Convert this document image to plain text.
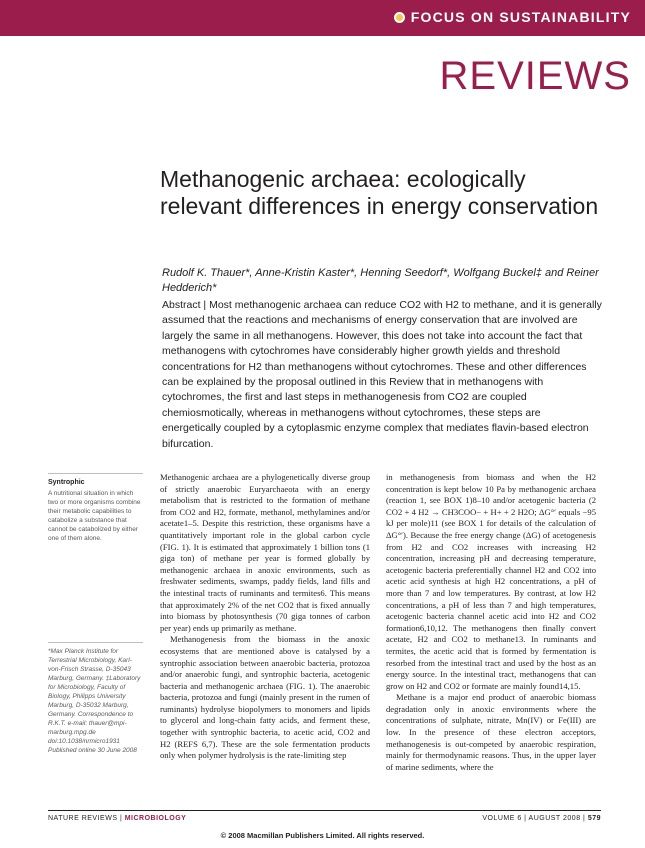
FOCUS ON SUSTAINABILITY
REVIEWS
Methanogenic archaea: ecologically relevant differences in energy conservation
Rudolf K. Thauer*, Anne-Kristin Kaster*, Henning Seedorf*, Wolfgang Buckel‡ and Reiner Hedderich*
Abstract | Most methanogenic archaea can reduce CO2 with H2 to methane, and it is generally assumed that the reactions and mechanisms of energy conservation that are involved are largely the same in all methanogens. However, this does not take into account the fact that methanogens with cytochromes have considerably higher growth yields and threshold concentrations for H2 than methanogens without cytochromes. These and other differences can be explained by the proposal outlined in this Review that in methanogens with cytochromes, the first and last steps in methanogenesis from CO2 are coupled chemiosmotically, whereas in methanogens without cytochromes, these steps are energetically coupled by a cytoplasmic enzyme complex that mediates flavin-based electron bifurcation.
Syntrophic
A nutritional situation in which two or more organisms combine their metabolic capabilities to catabolize a substance that cannot be catabolized by either one of them alone.
*Max Planck Institute for Terrestrial Microbiology, Karl-von-Frisch Strasse, D-35043 Marburg, Germany. ‡Laboratory for Microbiology, Faculty of Biology, Philipps University Marburg, D-35032 Marburg, Germany. Correspondence to R.K.T. e-mail: thauer@mpi-marburg.mpg.de doi:10.1038/nrmicro1931 Published online 30 June 2008

Methanogenic archaea are a phylogenetically diverse group of strictly anaerobic Euryarchaeota with an energy metabolism that is restricted to the formation of methane from CO2 and H2, formate, methanol, methylamines and/or acetate1–5. Despite this restriction, these organisms have a quantitatively important role in the global carbon cycle (FIG. 1). It is estimated that approximately 1 billion tons (1 giga ton) of methane per year is formed globally by methanogenic archaea in anoxic environments, such as freshwater sediments, swamps, paddy fields, land fills and the intestinal tracts of ruminants and termites6. This means that approximately 2% of the net CO2 that is fixed annually into biomass by photosynthesis (70 giga tonnes of carbon per year) ends up primarily as methane.

Methanogenesis from the biomass in the anoxic ecosystems that are mentioned above is catalysed by a syntrophic association between anaerobic bacteria, protozoa and/or anaerobic fungi, and syntrophic bacteria, acetogenic bacteria and methanogenic archaea (FIG. 1). The anaerobic bacteria, protozoa and fungi (mainly present in the rumen of ruminants) hydrolyse biopolymers to monomers and lipids to glycerol and long-chain fatty acids, and ferment these, together with syntrophic bacteria, to acetic acid, CO2 and H2 (REFS 6,7). These are the sole fermentation products only when polymer hydrolysis is the rate-limiting step

in methanogenesis from biomass and when the H2 concentration is kept below 10 Pa by methanogenic archaea (reaction 1, see BOX 1)8–10 and/or acetogenic bacteria (2 CO2 + 4 H2 → CH3COO− + H+ + 2 H2O; ΔG°′ equals −95 kJ per mole)11 (see BOX 1 for details of the calculation of ΔG°′). Because the free energy change (ΔG) of acetogenesis from H2 and CO2 increases with increasing H2 concentration, increasing pH and decreasing temperature, acetogenic bacteria preferentially channel H2 and CO2 into acetic acid synthesis at high H2 concentrations, a pH of more than 7 and low temperatures. By contrast, at low H2 concentrations, a pH of less than 7 and high temperatures, acetogenic bacteria channel acetic acid into H2 and CO2 formation6,10,12. The methanogens then finally convert acetate, H2 and CO2 to methane13. In ruminants and termites, the acetic acid that is formed by fermentation is resorbed from the intestinal tract and used by the host as an energy source. In the intestinal tract, methanogens that can grow on H2 and CO2 or formate are mainly found14,15.

Methane is a major end product of anaerobic biomass degradation only in anoxic environments where the concentrations of sulphate, nitrate, Mn(IV) or Fe(III) are low. In the presence of these electron acceptors, methanogenesis is out-competed by anaerobic respiration, mainly for thermodynamic reasons. Thus, in the upper layer of marine sediments, where the

NATURE REVIEWS | MICROBIOLOGY	VOLUME 6 | AUGUST 2008 | 579
© 2008 Macmillan Publishers Limited. All rights reserved.
